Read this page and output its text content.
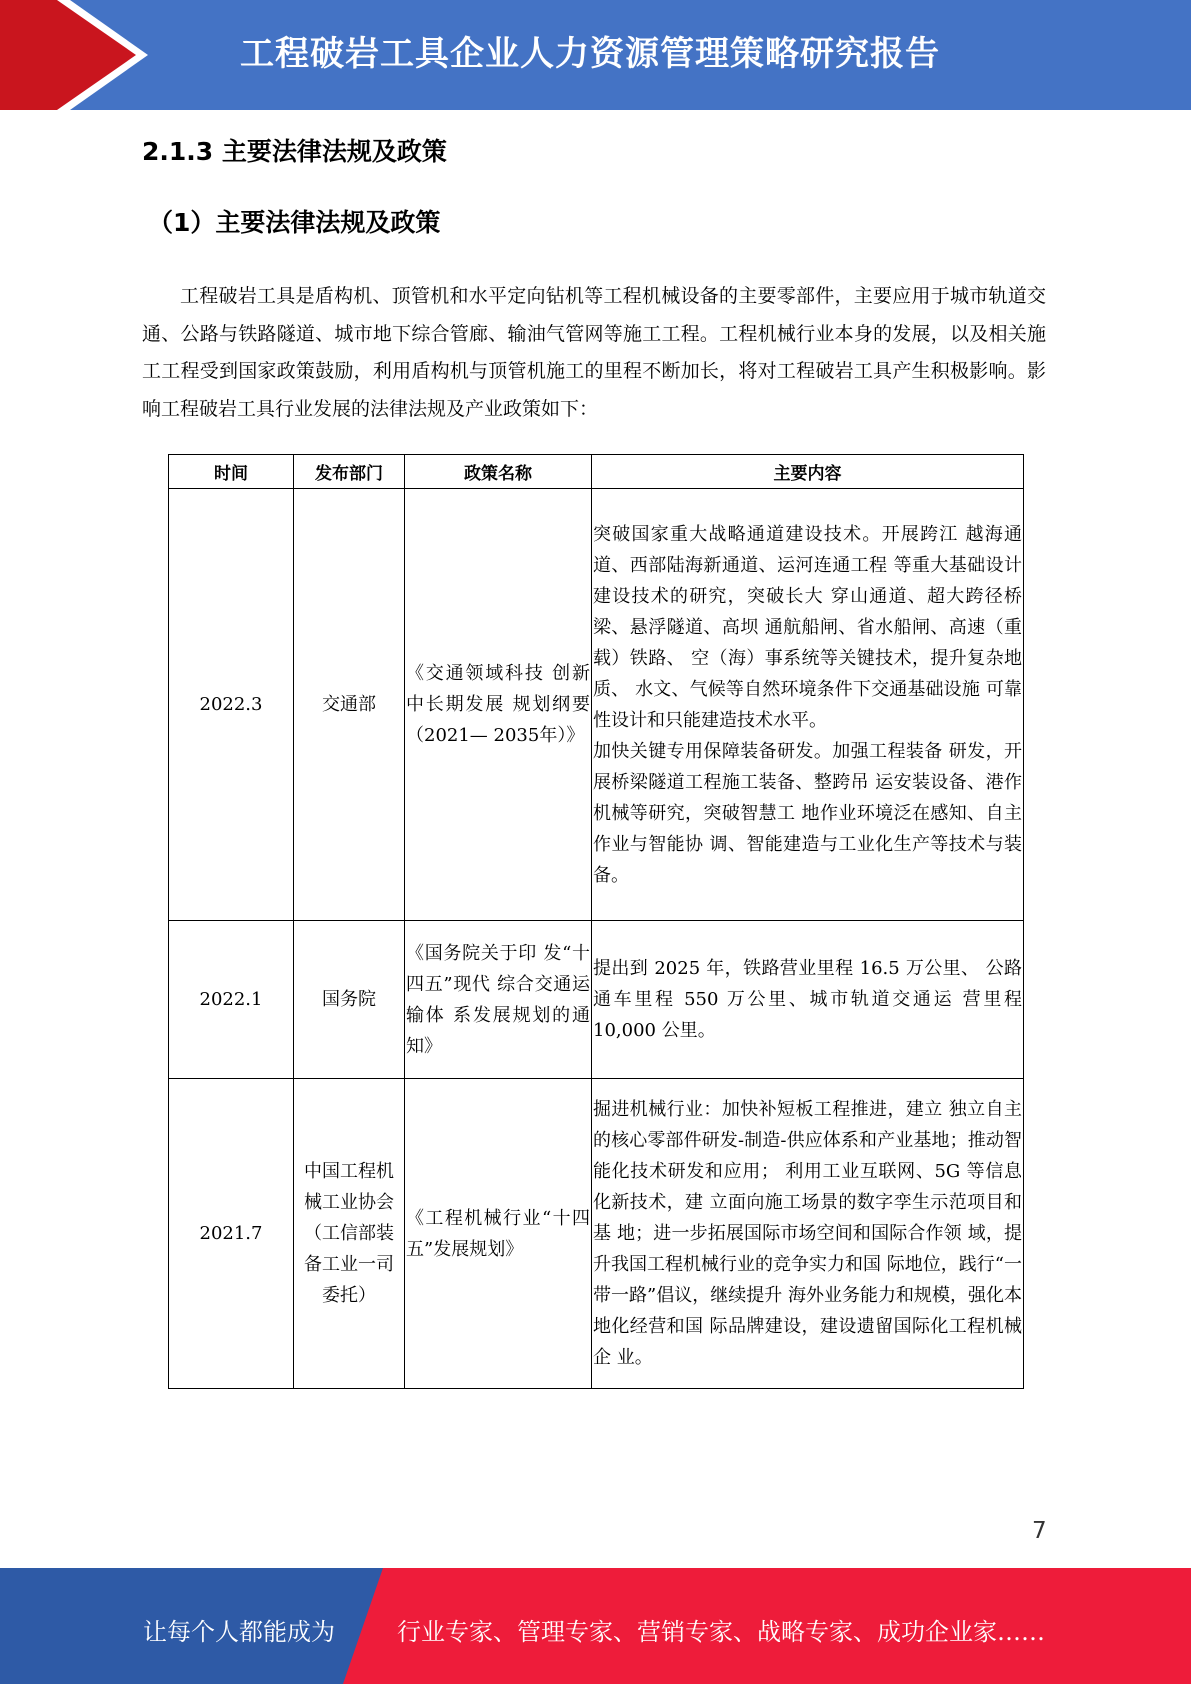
工程破岩工具企业人力资源管理策略研究报告
2.1.3 主要法律法规及政策
（1）主要法律法规及政策

工程破岩工具是盾构机、顶管机和水平定向钻机等工程机械设备的主要零部件，主要应用于城市轨道交通、公路与铁路隧道、城市地下综合管廊、输油气管网等施工工程。工程机械行业本身的发展，以及相关施工工程受到国家政策鼓励，利用盾构机与顶管机施工的里程不断加长，将对工程破岩工具产生积极影响。影响工程破岩工具行业发展的法律法规及产业政策如下：

时间	发布部门	政策名称	主要内容
2022.3	交通部	《交通领域科技 创新中长期发展 规划纲要（2021— 2035年）》	突破国家重大战略通道建设技术。开展跨江 越海通道、西部陆海新通道、运河连通工程 等重大基础设计建设技术的研究，突破长大 穿山通道、超大跨径桥梁、悬浮隧道、高坝 通航船闸、省水船闸、高速（重载）铁路、 空（海）事系统等关键技术，提升复杂地质、 水文、气候等自然环境条件下交通基础设施 可靠性设计和只能建造技术水平。

加快关键专用保障装备研发。加强工程装备 研发，开展桥梁隧道工程施工装备、整跨吊 运安装设备、港作机械等研究，突破智慧工 地作业环境泛在感知、自主作业与智能协 调、智能建造与工业化生产等技术与装备。

2022.1	国务院	《国务院关于印 发“十四五”现代 综合交通运输体 系发展规划的通 知》	提出到 2025 年，铁路营业里程 16.5 万公里、 公路通车里程 550 万公里、城市轨道交通运 营里程 10,000 公里。

2021.7	中国工程机械工业协会（工信部装备工业一司委托）	《工程机械行业“十四五”发展规划》	掘进机械行业：加快补短板工程推进，建立 独立自主的核心零部件研发-制造-供应体系和产业基地；推动智能化技术研发和应用； 利用工业互联网、5G 等信息化新技术，建 立面向施工场景的数字孪生示范项目和基 地；进一步拓展国际市场空间和国际合作领 域，提升我国工程机械行业的竞争实力和国 际地位，践行“一带一路”倡议，继续提升 海外业务能力和规模，强化本地化经营和国 际品牌建设，建设遗留国际化工程机械企 业。

7
让每个人都能成为	行业专家、管理专家、营销专家、战略专家、成功企业家……
